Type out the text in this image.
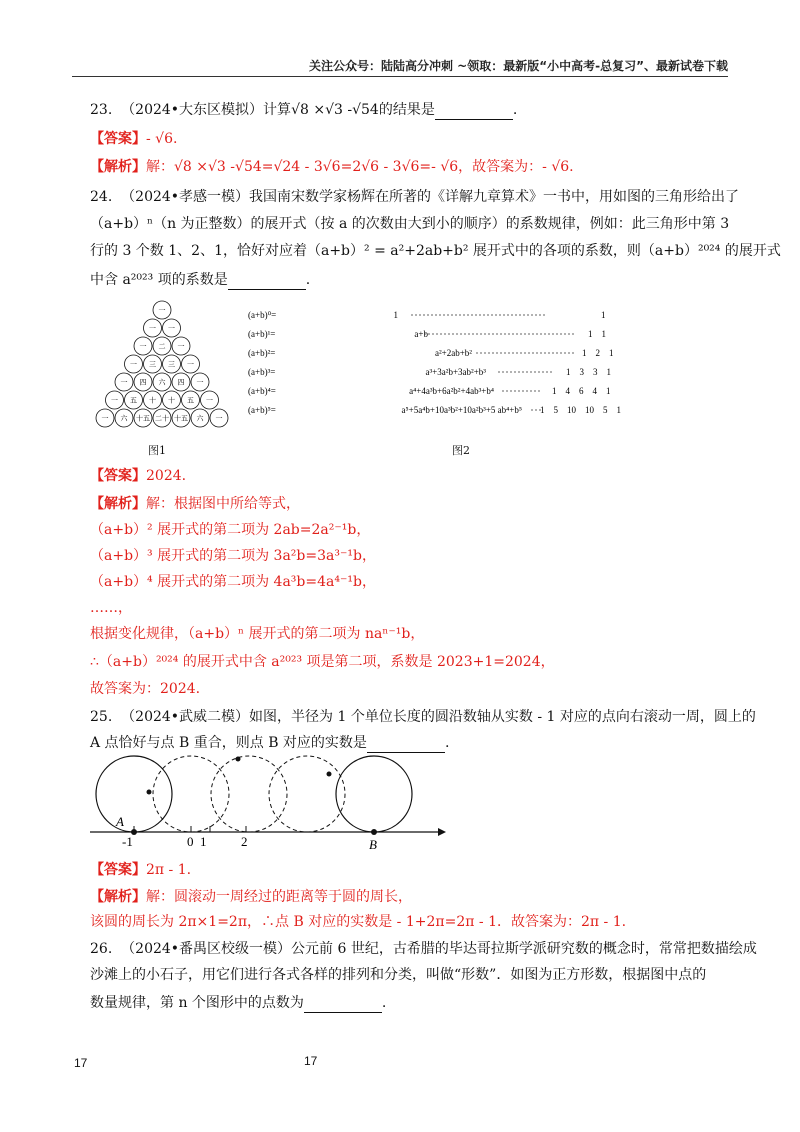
关注公众号：陆陆高分冲刺 ~领取：最新版“小中高考-总复习”、最新试卷下载
23. （2024•大东区模拟）计算√8 ×√3 -√54的结果是	.
【答案】- √6.
【解析】解：√8 ×√3 -√54=√24 - 3√6=2√6 - 3√6=- √6，故答案为：- √6.
24. （2024•孝感一模）我国南宋数学家杨辉在所著的《详解九章算术》一书中，用如图的三角形给出了
（a+b）ⁿ（n 为正整数）的展开式（按 a 的次数由大到小的顺序）的系数规律，例如：此三角形中第 3
行的 3 个数 1、2、1，恰好对应着（a+b）² = a²+2ab+b² 展开式中的各项的系数，则（a+b）²⁰²⁴ 的展开式
中含 a²⁰²³ 项的系数是	.
一
一 一
一 二 一
一 三 三 一
一 四 六 四 一
一 五 十 十 五 一
一 六 十五 二十 十五 六 一
图1
(a+b)⁰=	1	1
(a+b)¹=	a+b	1    1
(a+b)²=	a²+2ab+b²	1    2    1
(a+b)³=	a³+3a²b+3ab²+b³	1    3    3    1
(a+b)⁴=	a⁴+4a³b+6a²b²+4ab³+b⁴	1    4    6    4    1
(a+b)⁵=	a⁵+5a⁴b+10a³b²+10a²b³+5 ab⁴+b⁵ 1    5    10    10    5    1
图2
【答案】2024.
【解析】解：根据图中所给等式，
（a+b）² 展开式的第二项为 2ab=2a²⁻¹b，
（a+b）³ 展开式的第二项为 3a²b=3a³⁻¹b，
（a+b）⁴ 展开式的第二项为 4a³b=4a⁴⁻¹b，
……，
根据变化规律，（a+b）ⁿ 展开式的第二项为 naⁿ⁻¹b，
∴（a+b）²⁰²⁴ 的展开式中含 a²⁰²³ 项是第二项，系数是 2023+1=2024，
故答案为：2024.
25. （2024•武威二模）如图，半径为 1 个单位长度的圆沿数轴从实数 - 1 对应的点向右滚动一周，圆上的
A 点恰好与点 B 重合，则点 B 对应的实数是	.
A
-1	0 1	2	B
【答案】2π - 1.
【解析】解：圆滚动一周经过的距离等于圆的周长，
该圆的周长为 2π×1=2π，∴点 B 对应的实数是 - 1+2π=2π - 1．故答案为：2π - 1.
26. （2024•番禺区校级一模）公元前 6 世纪，古希腊的毕达哥拉斯学派研究数的概念时，常常把数描绘成
沙滩上的小石子，用它们进行各式各样的排列和分类，叫做“形数”．如图为正方形数，根据图中点的
数量规律，第 n 个图形中的点数为	.
17	17
